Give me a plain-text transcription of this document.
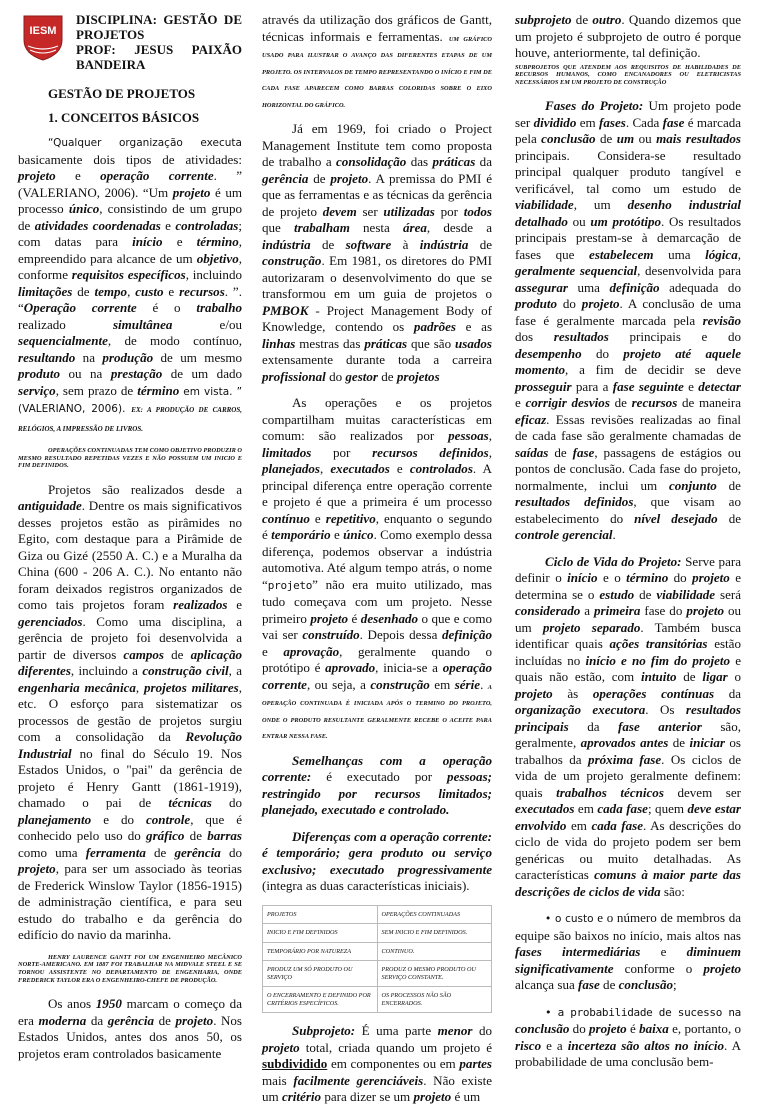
IESM
DISCIPLINA: GESTÃO DE PROJETOS
PROF: JESUS PAIXÃO BANDEIRA
GESTÃO DE PROJETOS
1. CONCEITOS BÁSICOS

“Qualquer organização executa basicamente dois tipos de atividades: projeto e operação corrente. ” (VALERIANO, 2006). “Um projeto é um processo único, consistindo de um grupo de atividades coordenadas e controladas; com datas para início e término, empreendido para alcance de um objetivo, conforme requisitos específicos, incluindo limitações de tempo, custo e recursos. ”. “Operação corrente é o trabalho realizado	simultânea	e/ou sequencialmente, de modo contínuo, resultando na produção de um mesmo produto ou na prestação de um dado serviço, sem prazo de término em vista. ” (VALERIANO, 2006). EX: A PRODUÇÃO DE CARROS, RELÓGIOS, A IMPRESSÃO DE LIVROS.

OPERAÇÕES CONTINUADAS TEM COMO OBJETIVO PRODUZIR O MESMO RESULTADO REPETIDAS VEZES E NÃO POSSUEM UM INICIO E FIM DEFINIDOS.

Projetos são realizados desde a antiguidade. Dentre os mais significativos desses projetos estão as pirâmides no Egito, com destaque para a Pirâmide de Giza ou Gizé (2550 A. C.) e a Muralha da China (600 - 206 A. C.). No entanto não foram deixados registros organizados de como tais projetos foram realizados e gerenciados. Como uma disciplina, a gerência de projeto foi desenvolvida a partir de diversos campos de aplicação diferentes, incluindo a construção civil, a engenharia mecânica, projetos militares, etc. O esforço para sistematizar os processos de gestão de projetos surgiu com a consolidação da Revolução Industrial no final do Século 19. Nos Estados Unidos, o "pai" da gerência de projeto é Henry Gantt (1861-1919), chamado o pai de técnicas do planejamento e do controle, que é conhecido pelo uso do gráfico de barras como uma ferramenta de gerência do projeto, para ser um associado às teorias de Frederick Winslow Taylor (1856-1915) de administração científica, e para seu estudo do trabalho e da gerência do edifício do navio da marinha.

HENRY LAURENCE GANTT FOI UM ENGENHEIRO MECÂNICO NORTE-AMERICANO. EM 1887 FOI TRABALHAR NA MIDVALE STEEL E SE TORNOU ASSISTENTE NO DEPARTAMENTO DE ENGENHARIA, ONDE FREDERICK TAYLOR ERA O ENGENHEIRO-CHEFE DE PRODUÇÃO.

Os anos 1950 marcam o começo da era moderna da gerência de projeto. Nos Estados Unidos, antes dos anos 50, os projetos eram controlados basicamente

através da utilização dos gráficos de Gantt, técnicas informais e ferramentas. UM GRÁFICO USADO PARA ILUSTRAR O AVANÇO DAS DIFERENTES ETAPAS DE UM PROJETO. OS INTERVALOS DE TEMPO REPRESENTANDO O INÍCIO E FIM DE CADA FASE APARECEM COMO BARRAS COLORIDAS SOBRE O EIXO HORIZONTAL DO GRÁFICO.

Já em 1969, foi criado o Project Management Institute tem como proposta de trabalho a consolidação das práticas da gerência de projeto. A premissa do PMI é que as ferramentas e as técnicas da gerência de projeto devem ser utilizadas por todos que trabalham nesta área, desde a indústria de software à indústria de construção. Em 1981, os diretores do PMI autorizaram o desenvolvimento do que se transformou em um guia de projetos o PMBOK - Project Management Body of Knowledge, contendo os padrões e as linhas mestras das práticas que são usados extensamente durante toda a carreira profissional do gestor de projetos

As operações e os projetos compartilham muitas características em comum: são realizados por pessoas, limitados por recursos definidos, planejados, executados e controlados. A principal diferença entre operação corrente e projeto é que a primeira é um processo contínuo e repetitivo, enquanto o segundo é temporário e único. Como exemplo dessa diferença, podemos observar a indústria automotiva. Até algum tempo atrás, o nome “projeto” não era muito utilizado, mas tudo começava com um projeto. Nesse primeiro projeto é desenhado o que e como vai ser construído. Depois dessa definição e aprovação, geralmente quando o protótipo é aprovado, inicia-se a operação corrente, ou seja, a construção em série. A OPERAÇÃO CONTINUADA É INICIADA APÓS O TERMINO DO PROJETO, ONDE O PRODUTO RESULTANTE GERALMENTE RECEBE O ACEITE PARA ENTRAR NESSA FASE.

Semelhanças com a operação corrente: é executado por pessoas; restringido por recursos limitados; planejado, executado e controlado.

Diferenças com a operação corrente: é temporário; gera produto ou serviço exclusivo; executado progressivamente (integra as duas características iniciais).

PROJETOS	OPERAÇÕES CONTINUADAS
INICIO E FIM DEFINIDOS	SEM INICIO E FIM DEFINIDOS.
TEMPORÁRIO POR NATUREZA	CONTINUO.
PRODUZ UM SÓ PRODUTO OU SERVIÇO	PRODUZ O MESMO PRODUTO OU SERVIÇO CONSTANTE.
O ENCERRAMENTO E DEFINIDO POR CRITÉRIOS ESPECÍFICOS.	OS PROCESSOS NÃO SÃO ENCERRADOS.

Subprojeto: É uma parte menor do projeto total, criada quando um projeto é subdividido em componentes ou em partes mais facilmente gerenciáveis. Não existe um critério para dizer se um projeto é um

subprojeto de outro. Quando dizemos que um projeto é subprojeto de outro é porque houve, anteriormente, tal definição.
SUBPROJETOS QUE ATENDEM AOS REQUISITOS DE HABILIDADES DE RECURSOS HUMANOS, COMO ENCANADORES OU ELETRICISTAS NECESSÁRIOS EM UM PROJETO DE CONSTRUÇÃO

Fases do Projeto: Um projeto pode ser dividido em fases. Cada fase é marcada pela conclusão de um ou mais resultados principais. Considera-se resultado principal qualquer produto tangível e verificável, tal como um estudo de viabilidade, um desenho industrial detalhado ou um protótipo. Os resultados principais prestam-se à demarcação de fases que estabelecem uma lógica, geralmente sequencial, desenvolvida para assegurar uma definição adequada do produto do projeto. A conclusão de uma fase é geralmente marcada pela revisão dos resultados principais e do desempenho do projeto até aquele momento, a fim de decidir se deve prosseguir para a fase seguinte e detectar e corrigir desvios de recursos de maneira eficaz. Essas revisões realizadas ao final de cada fase são geralmente chamadas de saídas de fase, passagens de estágios ou pontos de conclusão. Cada fase do projeto, normalmente, inclui um conjunto de resultados definidos, que visam ao estabelecimento do nível desejado de controle gerencial.

Ciclo de Vida do Projeto: Serve para definir o início e o término do projeto e determina se o estudo de viabilidade será considerado a primeira fase do projeto ou um projeto separado. Também busca identificar quais ações transitórias estão incluídas no início e no fim do projeto e quais não estão, com intuito de ligar o projeto às operações contínuas da organização executora. Os resultados principais da fase anterior são, geralmente, aprovados antes de iniciar os trabalhos da próxima fase. Os ciclos de vida de um projeto geralmente definem: quais trabalhos técnicos devem ser executados em cada fase; quem deve estar envolvido em cada fase. As descrições do ciclo de vida do projeto podem ser bem genéricas ou muito detalhadas. As características comuns à maior parte das descrições de ciclos de vida são:

• o custo e o número de membros da equipe são baixos no início, mais altos nas fases intermediárias e diminuem significativamente conforme o projeto alcança sua fase de conclusão;

• a probabilidade de sucesso na conclusão do projeto é baixa e, portanto, o risco e a incerteza são altos no início. A probabilidade de uma conclusão bem-
